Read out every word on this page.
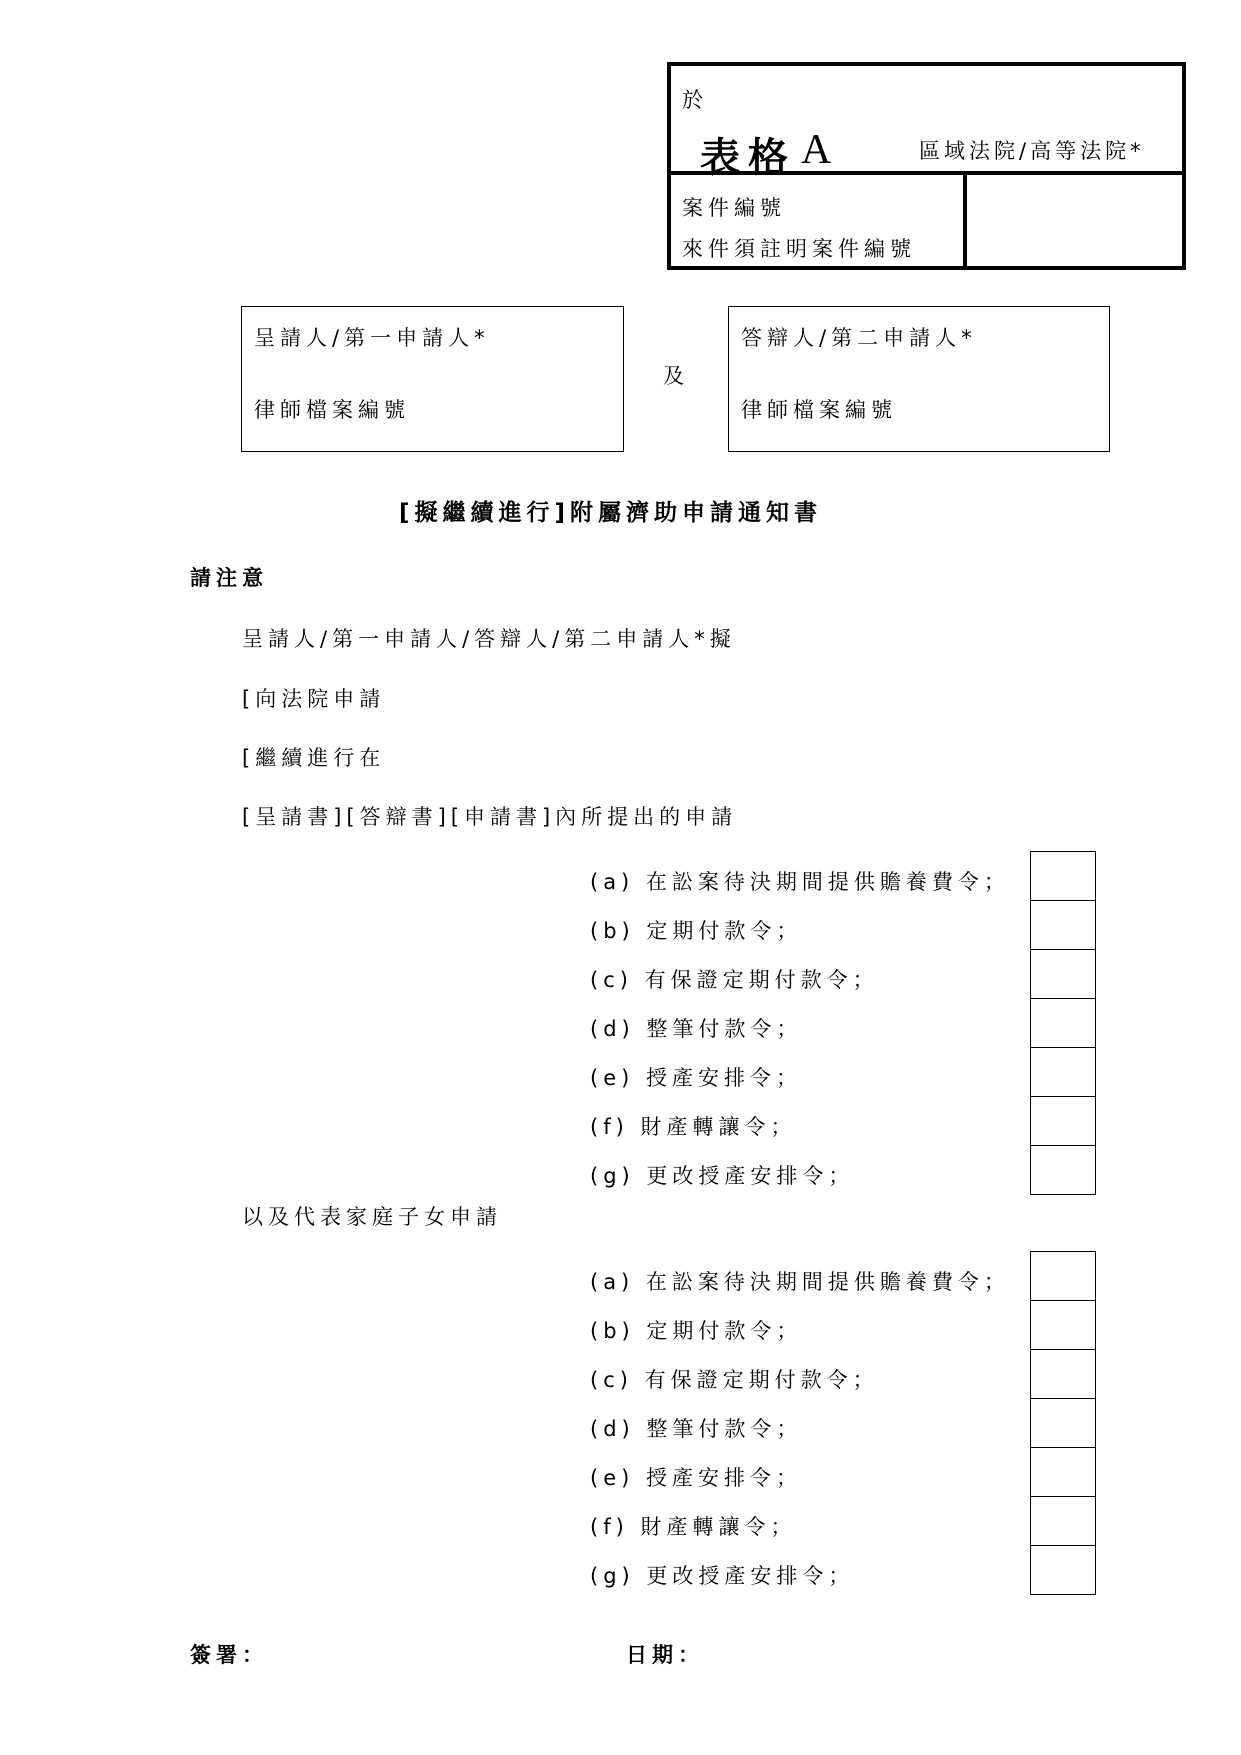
於
表格 A	區域法院/高等法院*
案件編號
來件須註明案件編號
呈請人/第一申請人*
律師檔案編號
及
答辯人/第二申請人*
律師檔案編號
[擬繼續進行]附屬濟助申請通知書
請注意
呈請人/第一申請人/答辯人/第二申請人*擬
[向法院申請
[繼續進行在
[呈請書][答辯書][申請書]內所提出的申請
(a) 在訟案待決期間提供贍養費令；
(b) 定期付款令；
(c) 有保證定期付款令；
(d) 整筆付款令；
(e) 授產安排令；
(f) 財產轉讓令；
(g) 更改授產安排令；
以及代表家庭子女申請
(a) 在訟案待決期間提供贍養費令；
(b) 定期付款令；
(c) 有保證定期付款令；
(d) 整筆付款令；
(e) 授產安排令；
(f) 財產轉讓令；
(g) 更改授產安排令；
簽署：	日期：
